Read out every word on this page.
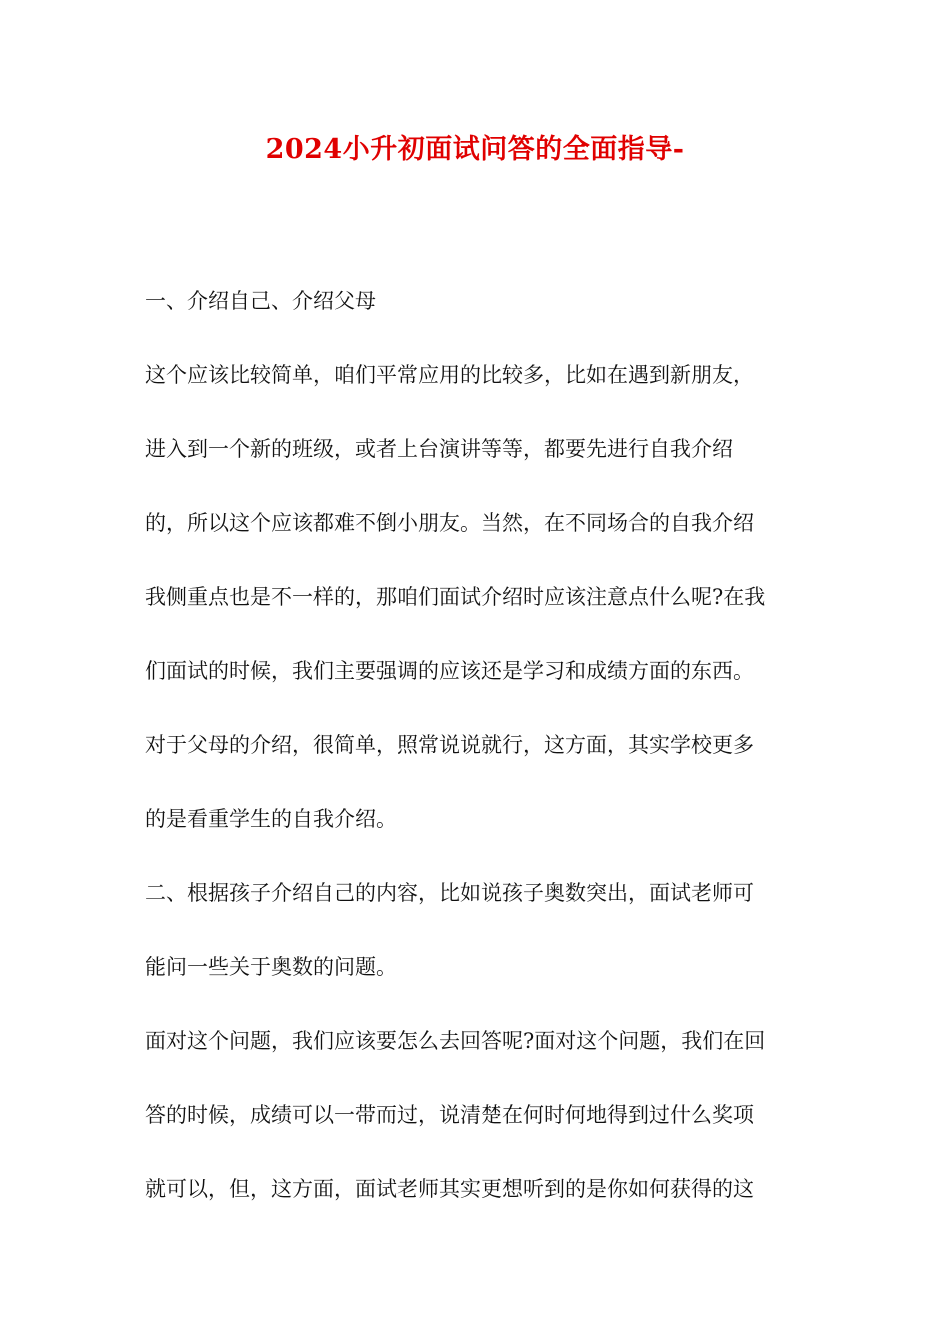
2024小升初面试问答的全面指导-
一、介绍自己、介绍父母
这个应该比较简单，咱们平常应用的比较多，比如在遇到新朋友，
进入到一个新的班级，或者上台演讲等等，都要先进行自我介绍
的，所以这个应该都难不倒小朋友。当然，在不同场合的自我介绍
我侧重点也是不一样的，那咱们面试介绍时应该注意点什么呢?在我
们面试的时候，我们主要强调的应该还是学习和成绩方面的东西。
对于父母的介绍，很简单，照常说说就行，这方面，其实学校更多
的是看重学生的自我介绍。
二、根据孩子介绍自己的内容，比如说孩子奥数突出，面试老师可
能问一些关于奥数的问题。
面对这个问题，我们应该要怎么去回答呢?面对这个问题，我们在回
答的时候，成绩可以一带而过，说清楚在何时何地得到过什么奖项
就可以，但，这方面，面试老师其实更想听到的是你如何获得的这
